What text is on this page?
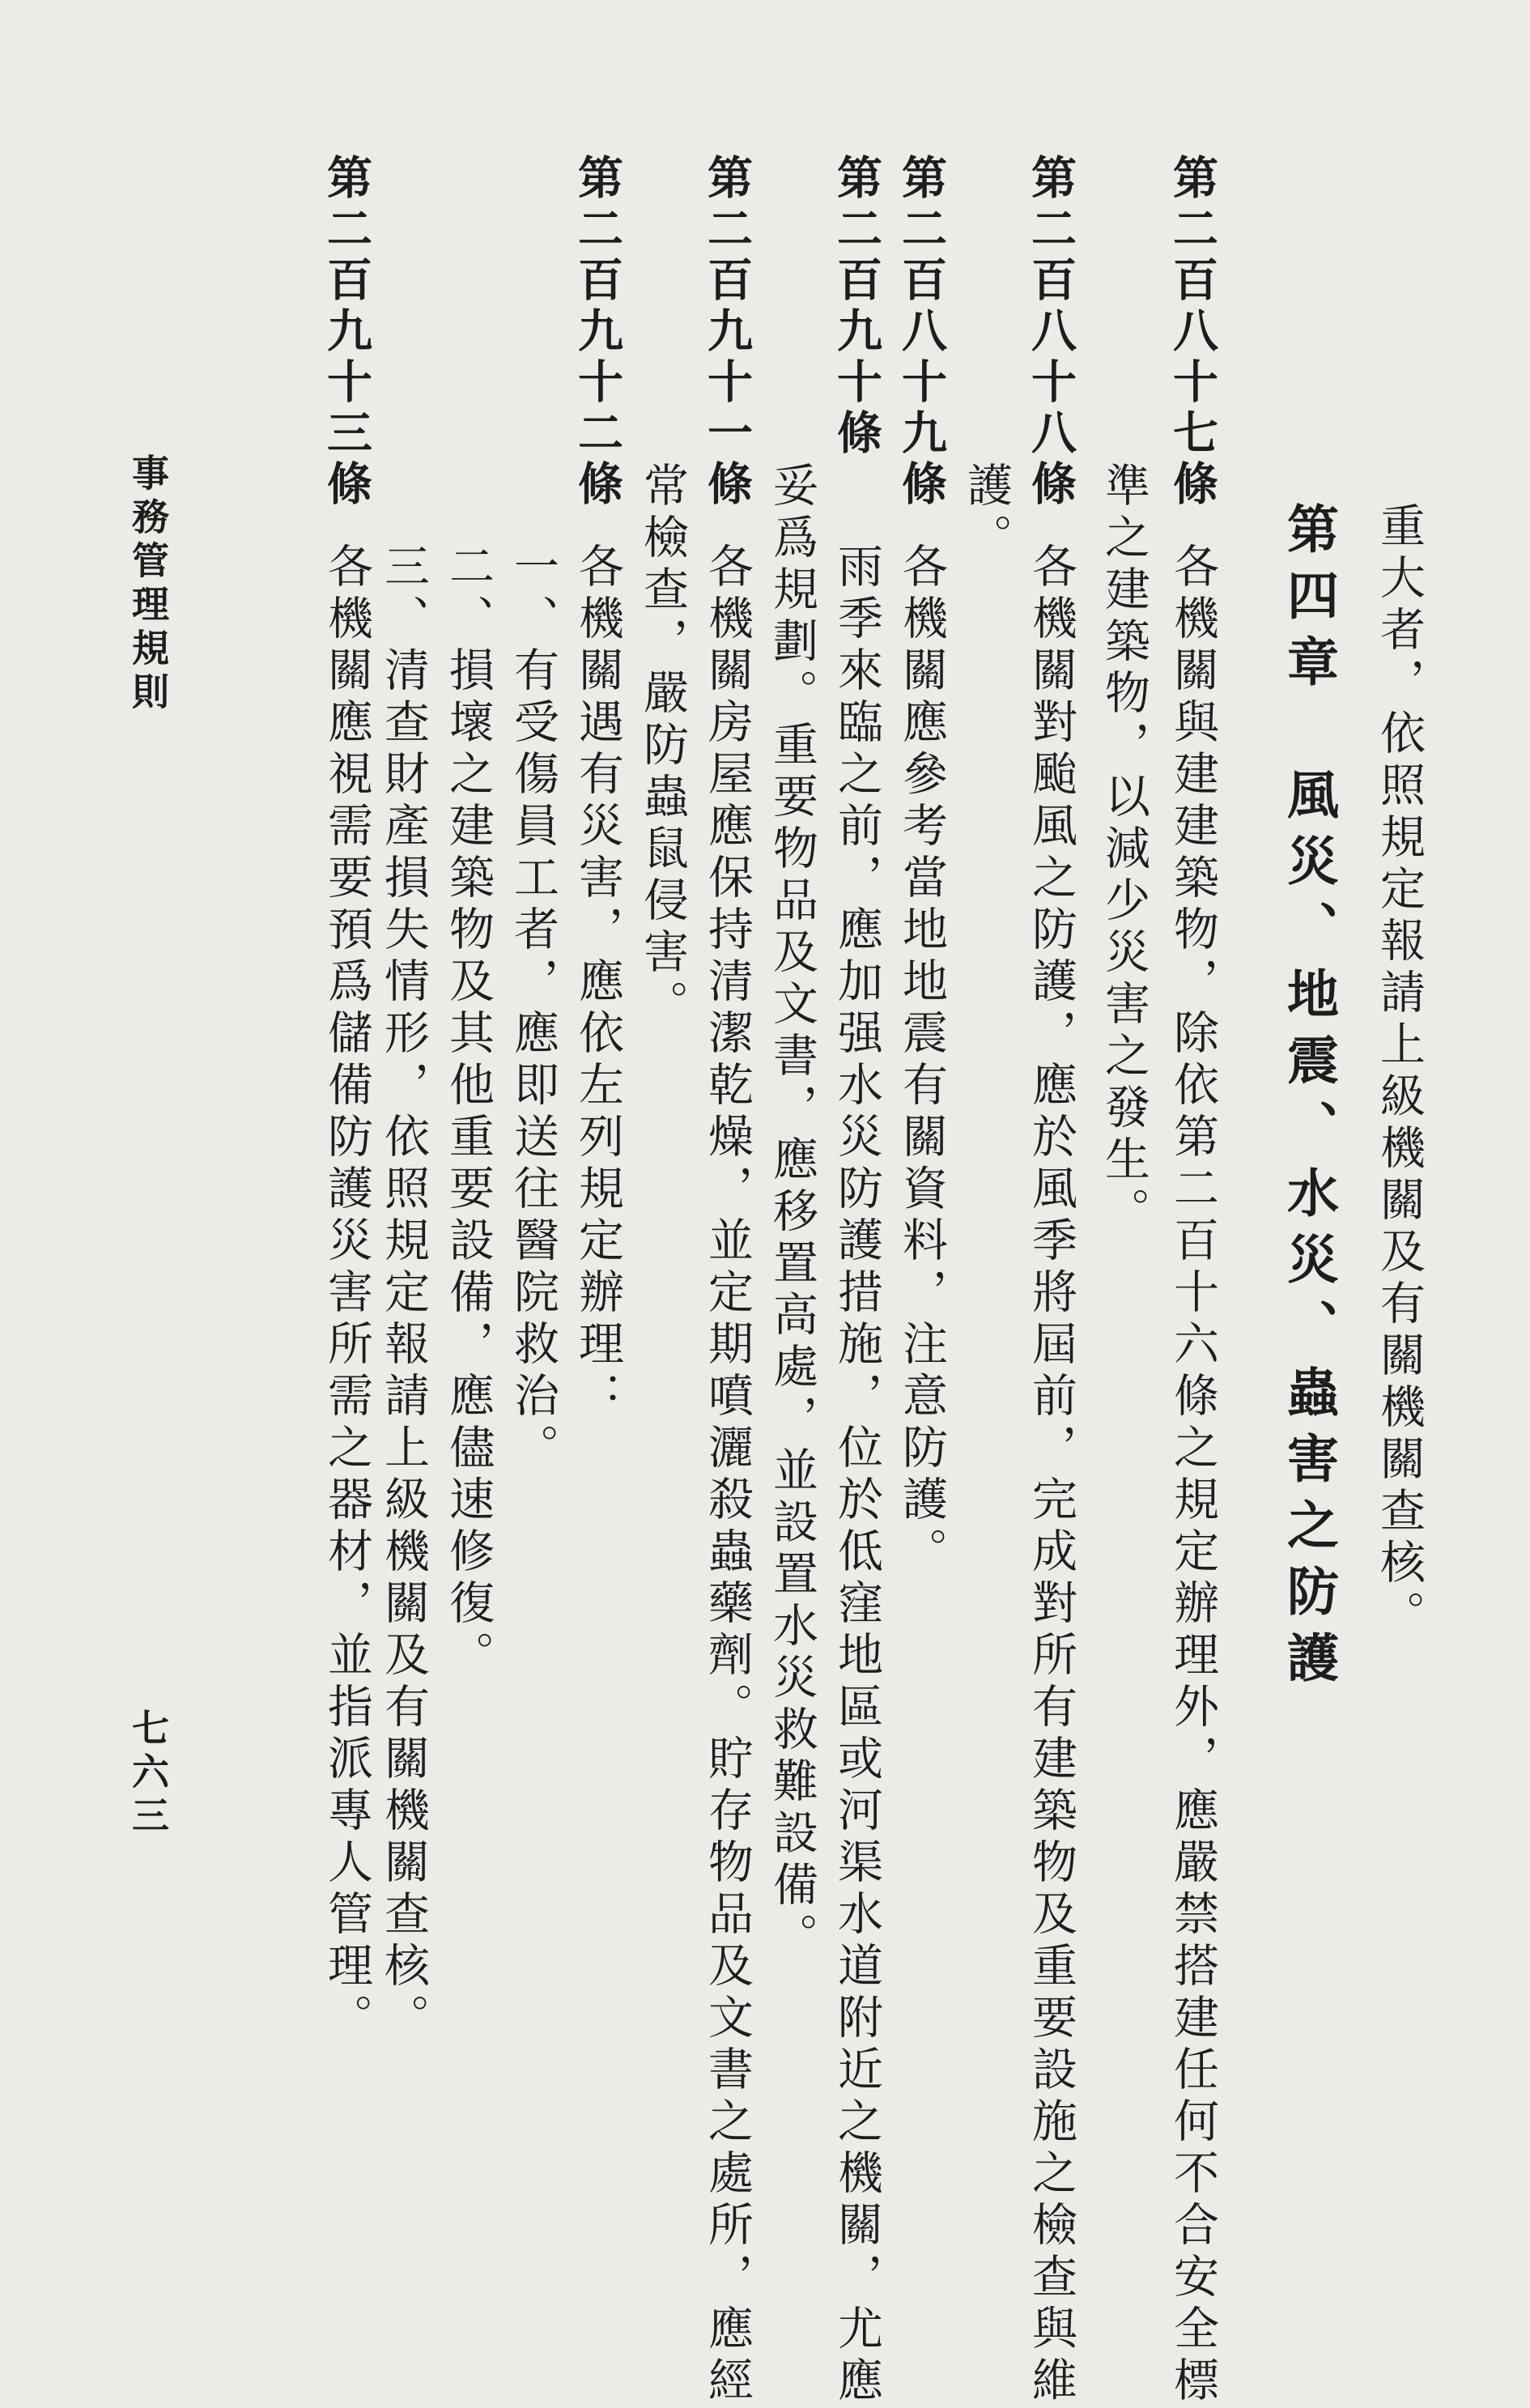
重大者，依照規定報請上級機關及有關機關查核。
第四章　風災、地震、水災、蟲害之防護
第二百八十七條
各機關與建建築物，除依第二百十六條之規定辦理外，應嚴禁搭建任何不合安全標
準之建築物，以減少災害之發生。
第二百八十八條
各機關對颱風之防護，應於風季將屆前，完成對所有建築物及重要設施之檢查與維
護。
第二百八十九條
各機關應參考當地地震有關資料，注意防護。
第二百九十條
雨季來臨之前，應加强水災防護措施，位於低窪地區或河渠水道附近之機關，尤應
妥爲規劃。重要物品及文書，應移置高處，並設置水災救難設備。
第二百九十一條
各機關房屋應保持清潔乾燥，並定期噴灑殺蟲藥劑。貯存物品及文書之處所，應經
常檢查，嚴防蟲鼠侵害。
第二百九十二條
各機關遇有災害，應依左列規定辦理：
一、有受傷員工者，應即送往醫院救治。
二、損壞之建築物及其他重要設備，應儘速修復。
三、清查財產損失情形，依照規定報請上級機關及有關機關查核。
第二百九十三條
各機關應視需要預爲儲備防護災害所需之器材，並指派專人管理。
事務管理規則
七六三
